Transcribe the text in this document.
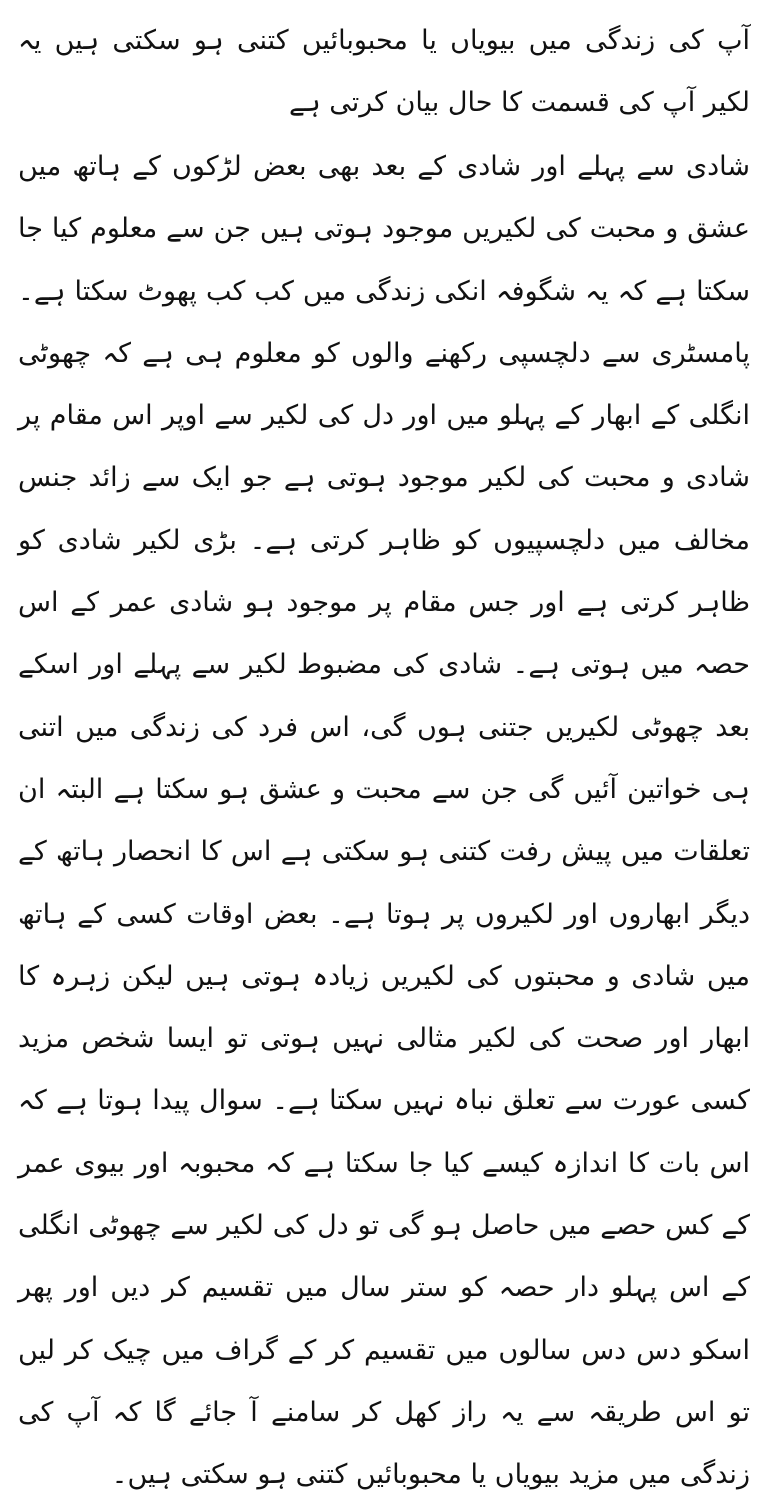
آپ کی زندگی میں بیویاں یا محبوبائیں کتنی ہو سکتی ہیں یہ لکیر آپ کی قسمت کا حال بیان کرتی ہے

شادی سے پہلے اور شادی کے بعد بھی بعض لڑکوں کے ہاتھ میں عشق و محبت کی لکیریں موجود ہوتی ہیں جن سے معلوم کیا جا سکتا ہے کہ یہ شگوفہ انکی زندگی میں کب کب پھوٹ سکتا ہے۔ پامسٹری سے دلچسپی رکھنے والوں کو معلوم ہی ہے کہ چھوٹی انگلی کے ابھار کے پہلو میں اور دل کی لکیر سے اوپر اس مقام پر شادی و محبت کی لکیر موجود ہوتی ہے جو ایک سے زائد جنس مخالف میں دلچسپیوں کو ظاہر کرتی ہے۔ بڑی لکیر شادی کو ظاہر کرتی ہے اور جس مقام پر موجود ہو شادی عمر کے اس حصہ میں ہوتی ہے۔ شادی کی مضبوط لکیر سے پہلے اور اسکے بعد چھوٹی لکیریں جتنی ہوں گی، اس فرد کی زندگی میں اتنی ہی خواتین آئیں گی جن سے محبت و عشق ہو سکتا ہے البتہ ان تعلقات میں پیش رفت کتنی ہو سکتی ہے اس کا انحصار ہاتھ کے دیگر ابھاروں اور لکیروں پر ہوتا ہے۔ بعض اوقات کسی کے ہاتھ میں شادی و محبتوں کی لکیریں زیادہ ہوتی ہیں لیکن زہرہ کا ابھار اور صحت کی لکیر مثالی نہیں ہوتی تو ایسا شخص مزید کسی عورت سے تعلق نباہ نہیں سکتا ہے۔ سوال پیدا ہوتا ہے کہ اس بات کا اندازہ کیسے کیا جا سکتا ہے کہ محبوبہ اور بیوی عمر کے کس حصے میں حاصل ہو گی تو دل کی لکیر سے چھوٹی انگلی کے اس پہلو دار حصہ کو ستر سال میں تقسیم کر دیں اور پھر اسکو دس دس سالوں میں تقسیم کر کے گراف میں چیک کر لیں تو اس طریقہ سے یہ راز کھل کر سامنے آ جائے گا کہ آپ کی زندگی میں مزید بیویاں یا محبوبائیں کتنی ہو سکتی ہیں۔
